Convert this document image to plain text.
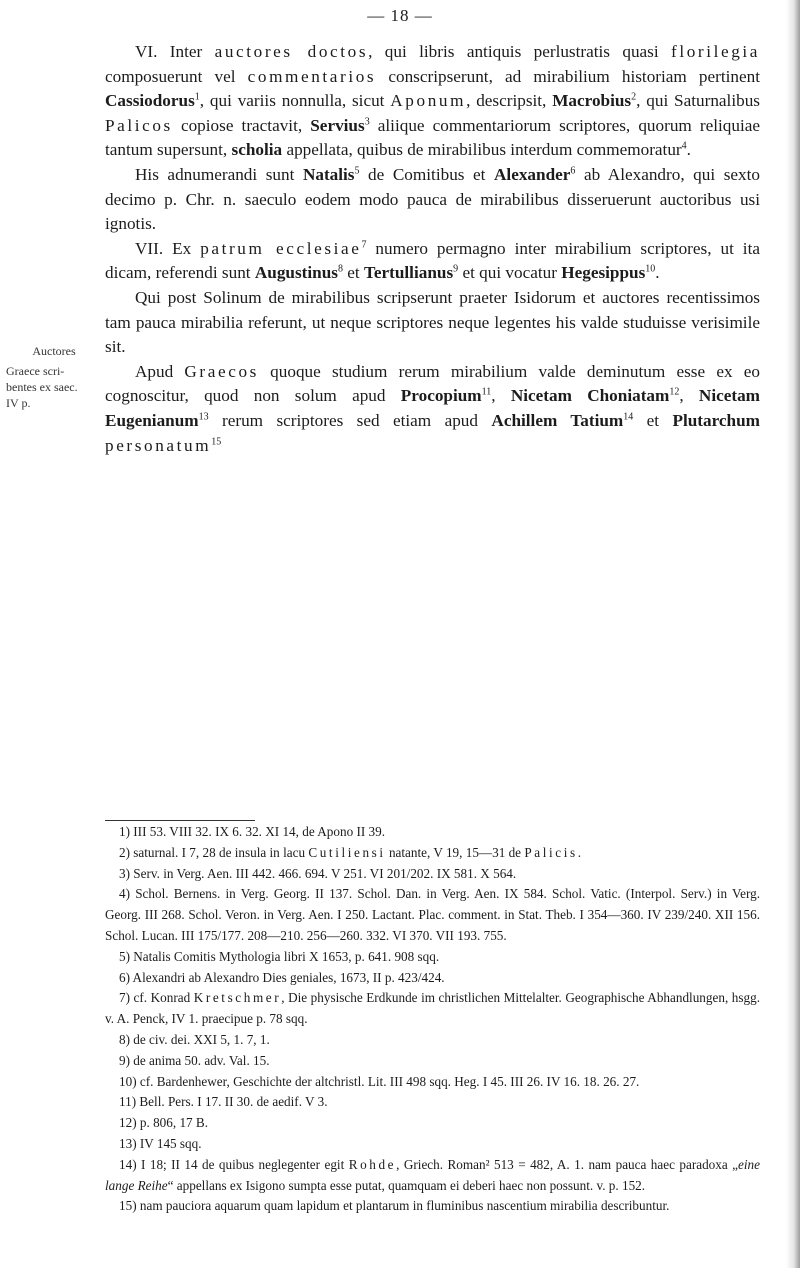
— 18 —
Auctores
Graece scri-
bentes ex saec.
IV p.

VI. Inter auctores doctos, qui libris antiquis perlustratis quasi florilegia composuerunt vel commentarios conscripserunt, ad mirabilium historiam pertinent Cassiodorus$^1$, qui variis nonnulla, sicut Aponum, descripsit, Macrobius$^2$, qui Saturnalibus Palicos copiose tractavit, Servius$^3$ aliique commentariorum scriptores, quorum reliquiae tantum supersunt, scholia appellata, quibus de mirabilibus interdum commemoratur$^4$.

His adnumerandi sunt Natalis$^5$ de Comitibus et Alexander$^6$ ab Alexandro, qui sexto decimo p. Chr. n. saeculo eodem modo pauca de mirabilibus disseruerunt auctoribus usi ignotis.

VII. Ex patrum ecclesiae$^7$ numero permagno inter mirabilium scriptores, ut ita dicam, referendi sunt Augustinus$^8$ et Tertullianus$^9$ et qui vocatur Hegesippus$^{10}$.

Qui post Solinum de mirabilibus scripserunt praeter Isidorum et auctores recentissimos tam pauca mirabilia referunt, ut neque scriptores neque legentes his valde studuisse verisimile sit.

Apud Graecos quoque studium rerum mirabilium valde deminutum esse ex eo cognoscitur, quod non solum apud Procopium$^{11}$, Nicetam Choniatam$^{12}$, Nicetam Eugenianum$^{13}$ rerum scriptores sed etiam apud Achillem Tatium$^{14}$ et Plutarchum personatum$^{15}$

1) III 53. VIII 32. IX 6. 32. XI 14, de Apono II 39.

2) saturnal. I 7, 28 de insula in lacu Cutiliensi natante, V 19, 15—31 de Palicis.

3) Serv. in Verg. Aen. III 442. 466. 694. V 251. VI 201/202. IX 581. X 564.

4) Schol. Bernens. in Verg. Georg. II 137. Schol. Dan. in Verg. Aen. IX 584. Schol. Vatic. (Interpol. Serv.) in Verg. Georg. III 268. Schol. Veron. in Verg. Aen. I 250. Lactant. Plac. comment. in Stat. Theb. I 354—360. IV 239/240. XII 156. Schol. Lucan. III 175/177. 208—210. 256—260. 332. VI 370. VII 193. 755.

5) Natalis Comitis Mythologia libri X 1653, p. 641. 908 sqq.

6) Alexandri ab Alexandro Dies geniales, 1673, II p. 423/424.

7) cf. Konrad Kretschmer, Die physische Erdkunde im christlichen Mittelalter. Geographische Abhandlungen, hsgg. v. A. Penck, IV 1. praecipue p. 78 sqq.

8) de civ. dei. XXI 5, 1. 7, 1.

9) de anima 50. adv. Val. 15.

10) cf. Bardenhewer, Geschichte der altchristl. Lit. III 498 sqq. Heg. I 45. III 26. IV 16. 18. 26. 27.

11) Bell. Pers. I 17. II 30. de aedif. V 3.

12) p. 806, 17 B.

13) IV 145 sqq.

14) I 18; II 14 de quibus neglegenter egit Rohde, Griech. Roman² 513 = 482, A. 1. nam pauca haec paradoxa „eine lange Reihe“ appellans ex Isigono sumpta esse putat, quamquam ei deberi haec non possunt. v. p. 152.

15) nam pauciora aquarum quam lapidum et plantarum in fluminibus nascentium mirabilia describuntur.
